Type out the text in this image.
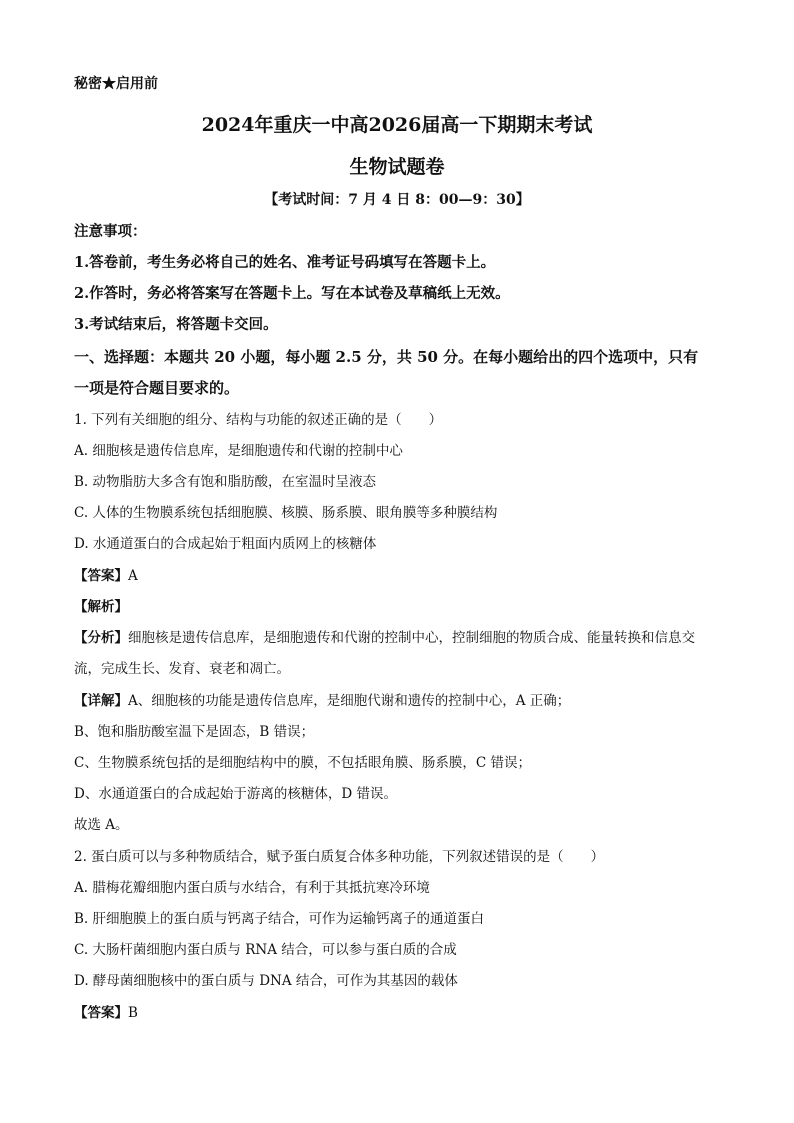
秘密★启用前
2024年重庆一中高2026届高一下期期末考试
生物试题卷
【考试时间：7 月 4 日 8：00—9：30】
注意事项：
1.答卷前，考生务必将自己的姓名、准考证号码填写在答题卡上。
2.作答时，务必将答案写在答题卡上。写在本试卷及草稿纸上无效。
3.考试结束后，将答题卡交回。
一、选择题：本题共 20 小题，每小题 2.5 分，共 50 分。在每小题给出的四个选项中，只有
一项是符合题目要求的。
1. 下列有关细胞的组分、结构与功能的叙述正确的是（　　）
A. 细胞核是遗传信息库，是细胞遗传和代谢的控制中心
B. 动物脂肪大多含有饱和脂肪酸，在室温时呈液态
C. 人体的生物膜系统包括细胞膜、核膜、肠系膜、眼角膜等多种膜结构
D. 水通道蛋白的合成起始于粗面内质网上的核糖体
【答案】A
【解析】
【分析】细胞核是遗传信息库，是细胞遗传和代谢的控制中心，控制细胞的物质合成、能量转换和信息交
流，完成生长、发育、衰老和凋亡。
【详解】A、细胞核的功能是遗传信息库，是细胞代谢和遗传的控制中心，A 正确；
B、饱和脂肪酸室温下是固态，B 错误；
C、生物膜系统包括的是细胞结构中的膜，不包括眼角膜、肠系膜，C 错误；
D、水通道蛋白的合成起始于游离的核糖体，D 错误。
故选 A。
2. 蛋白质可以与多种物质结合，赋予蛋白质复合体多种功能，下列叙述错误的是（　　）
A. 腊梅花瓣细胞内蛋白质与水结合，有利于其抵抗寒冷环境
B. 肝细胞膜上的蛋白质与钙离子结合，可作为运输钙离子的通道蛋白
C. 大肠杆菌细胞内蛋白质与 RNA 结合，可以参与蛋白质的合成
D. 酵母菌细胞核中的蛋白质与 DNA 结合，可作为其基因的载体
【答案】B
